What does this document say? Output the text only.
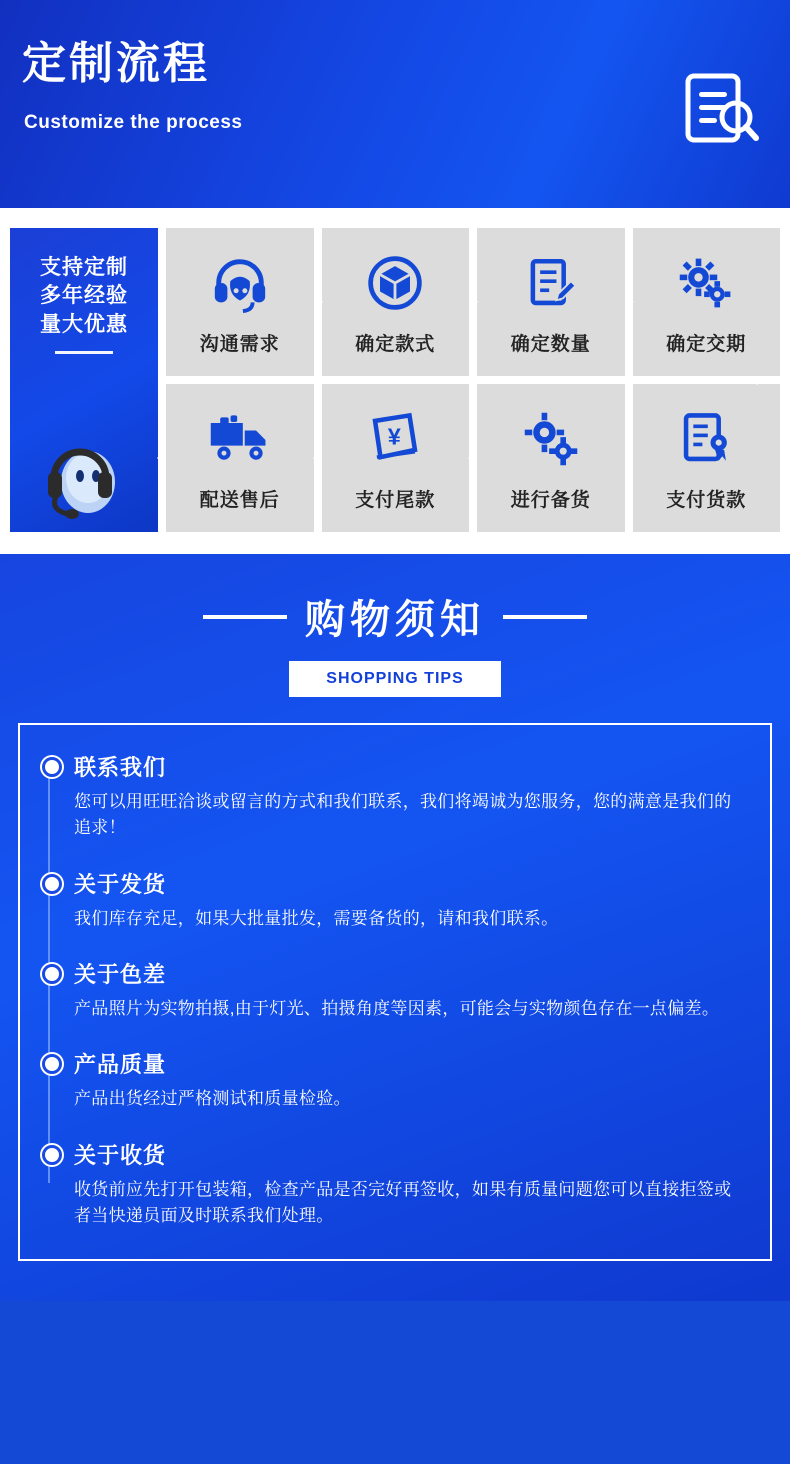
定制流程
Customize the process
支持定制
多年经验
量大优惠
沟通需求	确定款式	确定数量	确定交期
配送售后
¥
支付尾款	进行备货	支付货款
购物须知
SHOPPING TIPS
联系我们
您可以用旺旺洽谈或留言的方式和我们联系，我们将竭诚为您服务，您的满意是我们的追求！
关于发货
我们库存充足，如果大批量批发，需要备货的，请和我们联系。
关于色差
产品照片为实物拍摄,由于灯光、拍摄角度等因素，可能会与实物颜色存在一点偏差。
产品质量
产品出货经过严格测试和质量检验。
关于收货
收货前应先打开包装箱，检查产品是否完好再签收，如果有质量问题您可以直接拒签或者当快递员面及时联系我们处理。
